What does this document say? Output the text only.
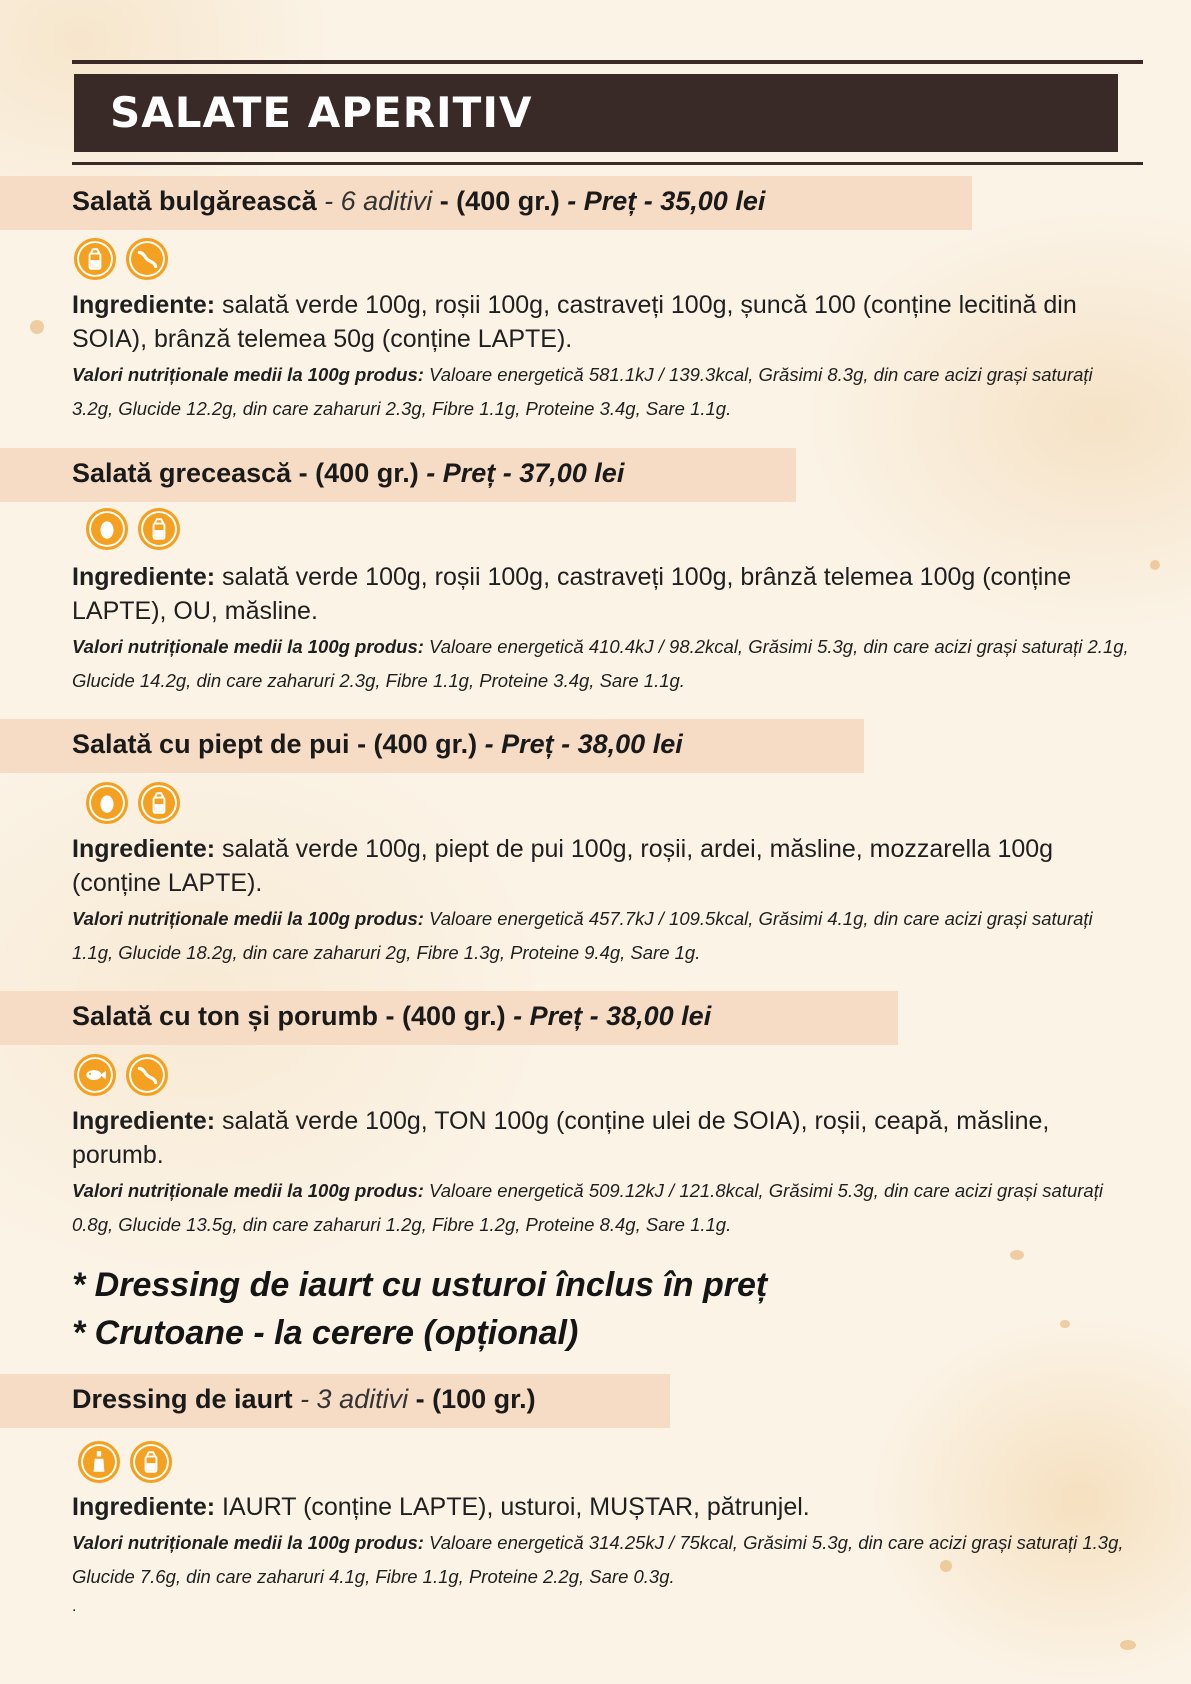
SALATE APERITIV
Salată bulgărească - 6 aditivi - (400 gr.) - Preț - 35,00 lei
Ingrediente: salată verde 100g, roșii 100g, castraveți 100g, șuncă 100 (conține lecitină din SOIA), brânză telemea 50g (conține LAPTE).
Valori nutriționale medii la 100g produs: Valoare energetică 581.1kJ / 139.3kcal, Grăsimi 8.3g, din care acizi grași saturați 3.2g, Glucide 12.2g, din care zaharuri 2.3g, Fibre 1.1g, Proteine 3.4g, Sare 1.1g.
Salată grecească - (400 gr.) - Preț - 37,00 lei
Ingrediente: salată verde 100g, roșii 100g, castraveți 100g, brânză telemea 100g (conține LAPTE), OU, măsline.
Valori nutriționale medii la 100g produs: Valoare energetică 410.4kJ / 98.2kcal, Grăsimi 5.3g, din care acizi grași saturați 2.1g, Glucide 14.2g, din care zaharuri 2.3g, Fibre 1.1g, Proteine 3.4g, Sare 1.1g.
Salată cu piept de pui - (400 gr.) - Preț - 38,00 lei
Ingrediente: salată verde 100g, piept de pui 100g, roșii, ardei, măsline, mozzarella 100g (conține LAPTE).
Valori nutriționale medii la 100g produs: Valoare energetică 457.7kJ / 109.5kcal, Grăsimi 4.1g, din care acizi grași saturați 1.1g, Glucide 18.2g, din care zaharuri 2g, Fibre 1.3g, Proteine 9.4g, Sare 1g.
Salată cu ton și porumb - (400 gr.) - Preț - 38,00 lei
Ingrediente: salată verde 100g, TON 100g (conține ulei de SOIA), roșii, ceapă, măsline, porumb.
Valori nutriționale medii la 100g produs: Valoare energetică 509.12kJ / 121.8kcal, Grăsimi 5.3g, din care acizi grași saturați 0.8g, Glucide 13.5g, din care zaharuri 1.2g, Fibre 1.2g, Proteine 8.4g, Sare 1.1g.
* Dressing de iaurt cu usturoi înclus în preț
* Crutoane - la cerere (opțional)
Dressing de iaurt - 3 aditivi - (100 gr.)
Ingrediente: IAURT (conține LAPTE), usturoi, MUȘTAR, pătrunjel.
Valori nutriționale medii la 100g produs: Valoare energetică 314.25kJ / 75kcal, Grăsimi 5.3g, din care acizi grași saturați 1.3g, Glucide 7.6g, din care zaharuri 4.1g, Fibre 1.1g, Proteine 2.2g, Sare 0.3g.
.
